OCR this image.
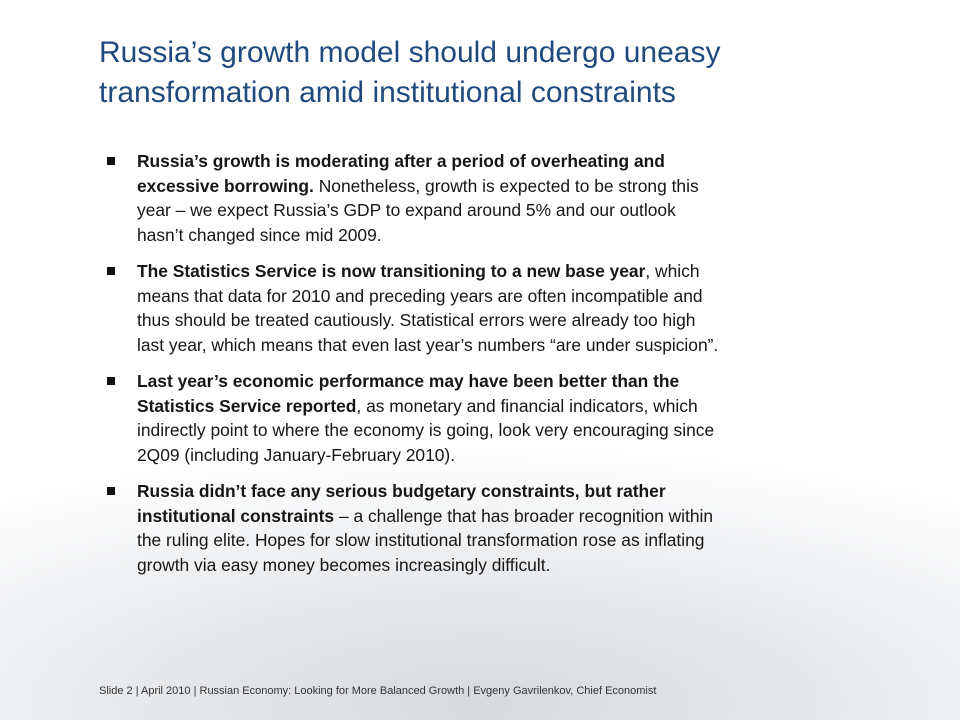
Russia’s growth model should undergo uneasy
transformation amid institutional constraints
Russia’s growth is moderating after a period of overheating and
excessive borrowing. Nonetheless, growth is expected to be strong this
year – we expect Russia’s GDP to expand around 5% and our outlook
hasn’t changed since mid 2009.
The Statistics Service is now transitioning to a new base year, which
means that data for 2010 and preceding years are often incompatible and
thus should be treated cautiously. Statistical errors were already too high
last year, which means that even last year’s numbers “are under suspicion”.
Last year’s economic performance may have been better than the
Statistics Service reported, as monetary and financial indicators, which
indirectly point to where the economy is going, look very encouraging since
2Q09 (including January-February 2010).
Russia didn’t face any serious budgetary constraints, but rather
institutional constraints – a challenge that has broader recognition within
the ruling elite. Hopes for slow institutional transformation rose as inflating
growth via easy money becomes increasingly difficult.
Slide 2 | April 2010 | Russian Economy: Looking for More Balanced Growth | Evgeny Gavrilenkov, Chief Economist
